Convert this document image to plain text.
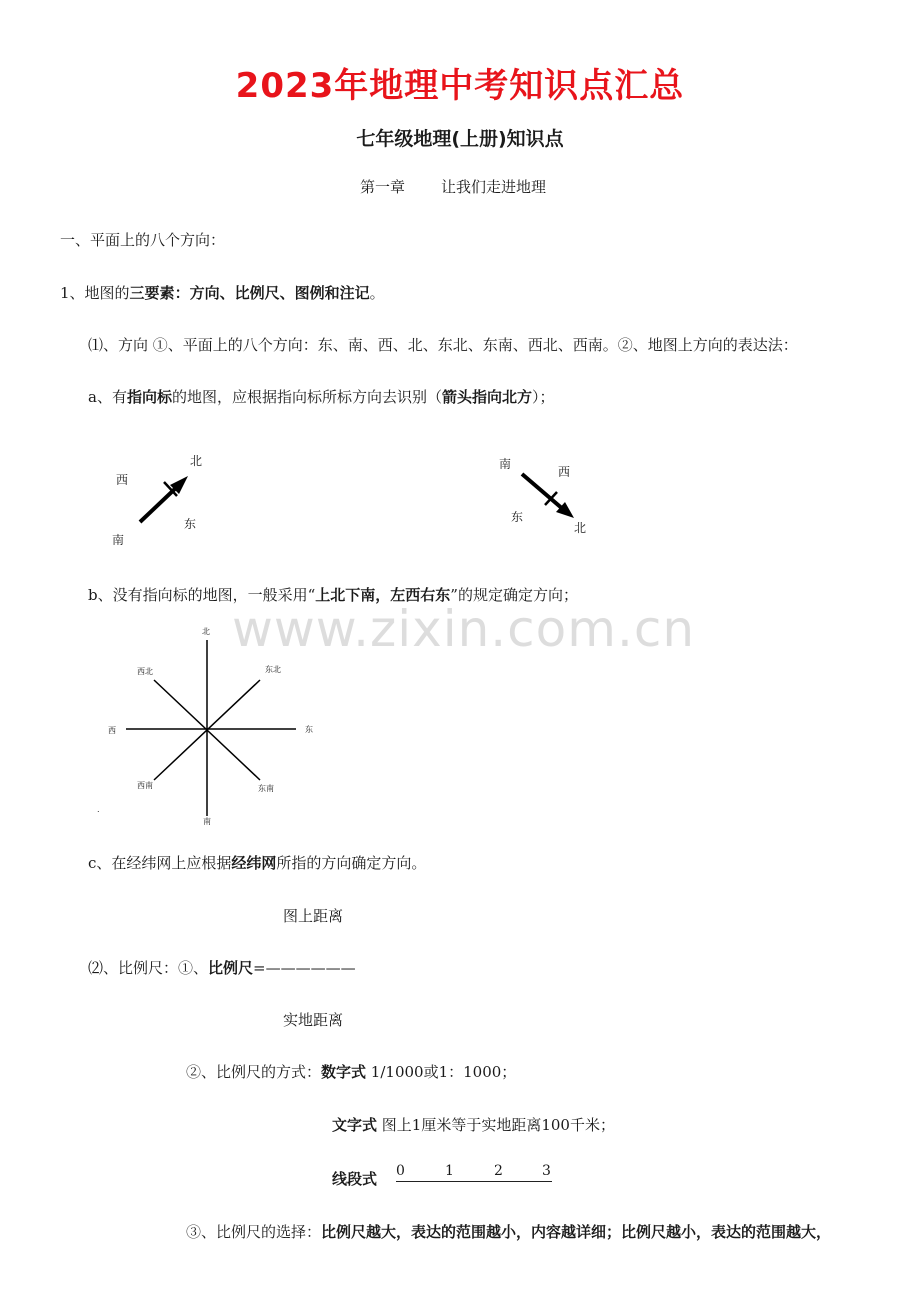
2023年地理中考知识点汇总
七年级地理(上册)知识点
第一章 让我们走进地理
一、平面上的八个方向：
1、地图的三要素：方向、比例尺、图例和注记。
⑴、方向 ①、平面上的八个方向：东、南、西、北、东北、东南、西北、西南。②、地图上方向的表达法：
a、有指向标的地图，应根据指向标所标方向去识别（箭头指向北方）；
北
西
东
南
南
西
东
北
b、没有指向标的地图，一般采用“上北下南，左西右东”的规定确定方向；
www.zixin.com.cn
北
西北	东北
西	东
西南	东南
南
.
c、在经纬网上应根据经纬网所指的方向确定方向。
图上距离
⑵、比例尺：①、比例尺=——————
实地距离
②、比例尺的方式：数字式 1/1000或1：1000；
文字式 图上1厘米等于实地距离100千米；
线段式 0	1	2	3
③、比例尺的选择：比例尺越大，表达的范围越小，内容越详细；比例尺越小，表达的范围越大，
